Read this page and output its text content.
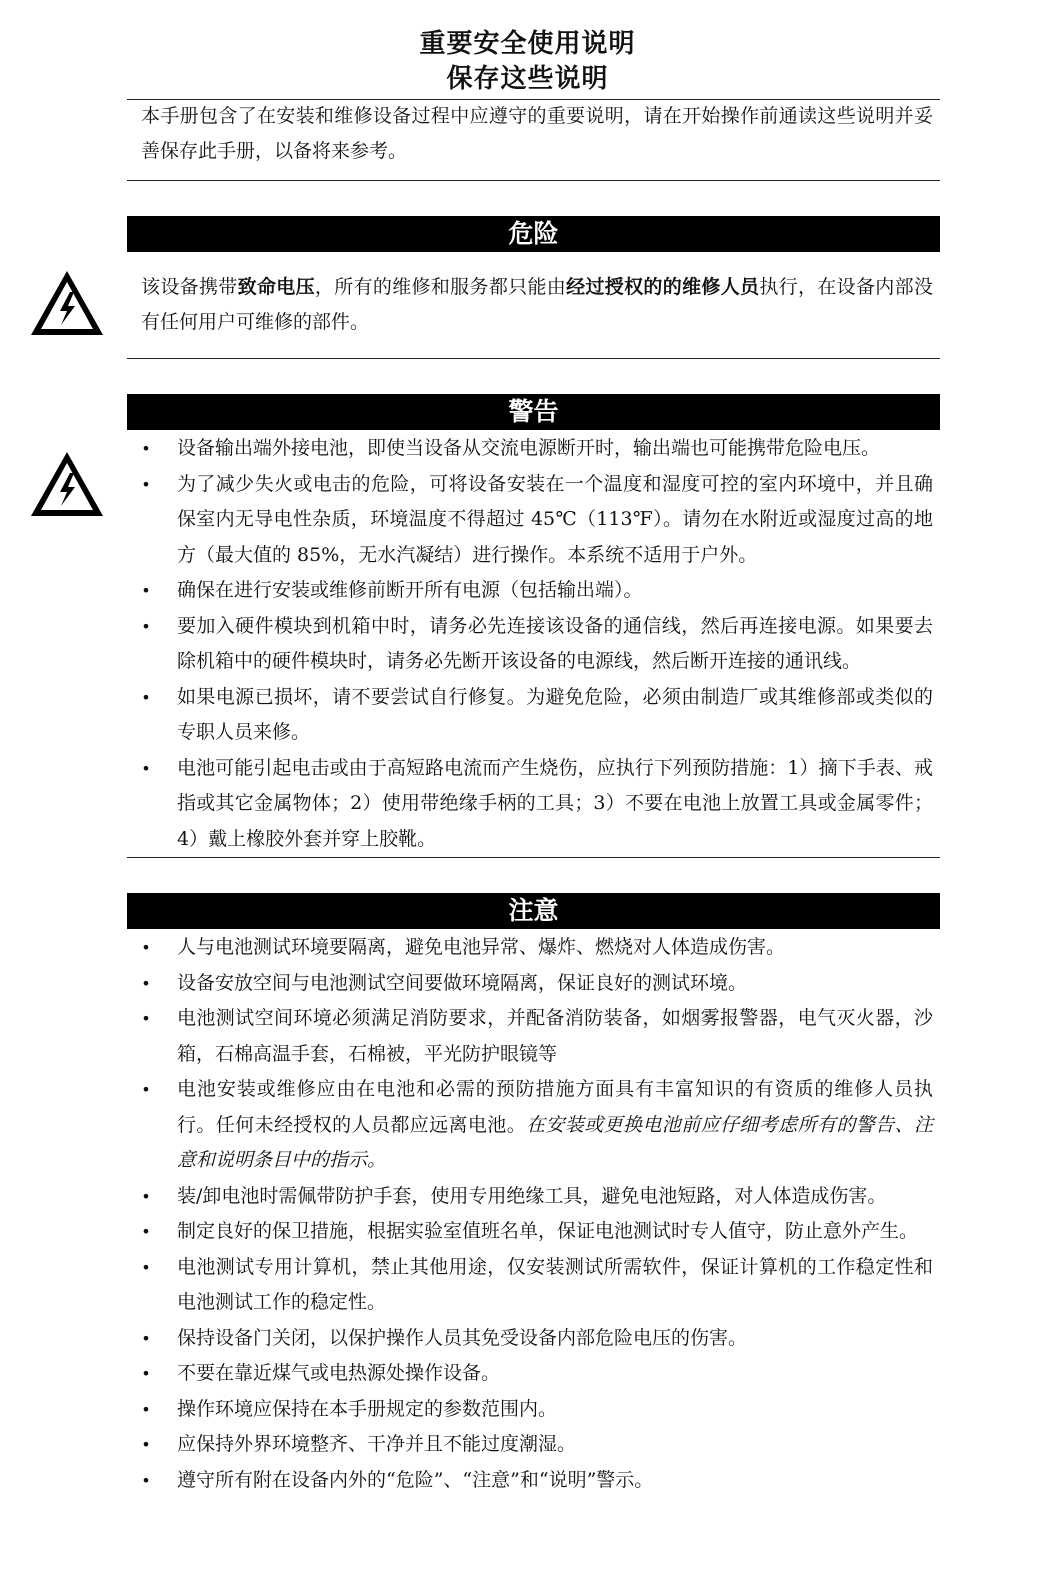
重要安全使用说明
保存这些说明
本手册包含了在安装和维修设备过程中应遵守的重要说明，请在开始操作前通读这些说明并妥善保存此手册，以备将来参考。
危险
该设备携带致命电压，所有的维修和服务都只能由经过授权的的维修人员执行，在设备内部没有任何用户可维修的部件。
警告
• 设备输出端外接电池，即使当设备从交流电源断开时，输出端也可能携带危险电压。
• 为了减少失火或电击的危险，可将设备安装在一个温度和湿度可控的室内环境中，并且确保室内无导电性杂质，环境温度不得超过 45℃（113℉）。请勿在水附近或湿度过高的地方（最大值的 85%，无水汽凝结）进行操作。本系统不适用于户外。
• 确保在进行安装或维修前断开所有电源（包括输出端）。
• 要加入硬件模块到机箱中时，请务必先连接该设备的通信线，然后再连接电源。如果要去除机箱中的硬件模块时，请务必先断开该设备的电源线，然后断开连接的通讯线。
• 如果电源已损坏，请不要尝试自行修复。为避免危险，必须由制造厂或其维修部或类似的专职人员来修。
• 电池可能引起电击或由于高短路电流而产生烧伤，应执行下列预防措施：1）摘下手表、戒指或其它金属物体；2）使用带绝缘手柄的工具；3）不要在电池上放置工具或金属零件；4）戴上橡胶外套并穿上胶靴。
注意
• 人与电池测试环境要隔离，避免电池异常、爆炸、燃烧对人体造成伤害。
• 设备安放空间与电池测试空间要做环境隔离，保证良好的测试环境。
• 电池测试空间环境必须满足消防要求，并配备消防装备，如烟雾报警器，电气灭火器，沙箱，石棉高温手套，石棉被，平光防护眼镜等
• 电池安装或维修应由在电池和必需的预防措施方面具有丰富知识的有资质的维修人员执行。任何未经授权的人员都应远离电池。在安装或更换电池前应仔细考虑所有的警告、注意和说明条目中的指示。
• 装/卸电池时需佩带防护手套，使用专用绝缘工具，避免电池短路，对人体造成伤害。
• 制定良好的保卫措施，根据实验室值班名单，保证电池测试时专人值守，防止意外产生。
• 电池测试专用计算机，禁止其他用途，仅安装测试所需软件，保证计算机的工作稳定性和电池测试工作的稳定性。
• 保持设备门关闭，以保护操作人员其免受设备内部危险电压的伤害。
• 不要在靠近煤气或电热源处操作设备。
• 操作环境应保持在本手册规定的参数范围内。
• 应保持外界环境整齐、干净并且不能过度潮湿。
• 遵守所有附在设备内外的“危险”、“注意”和“说明”警示。
